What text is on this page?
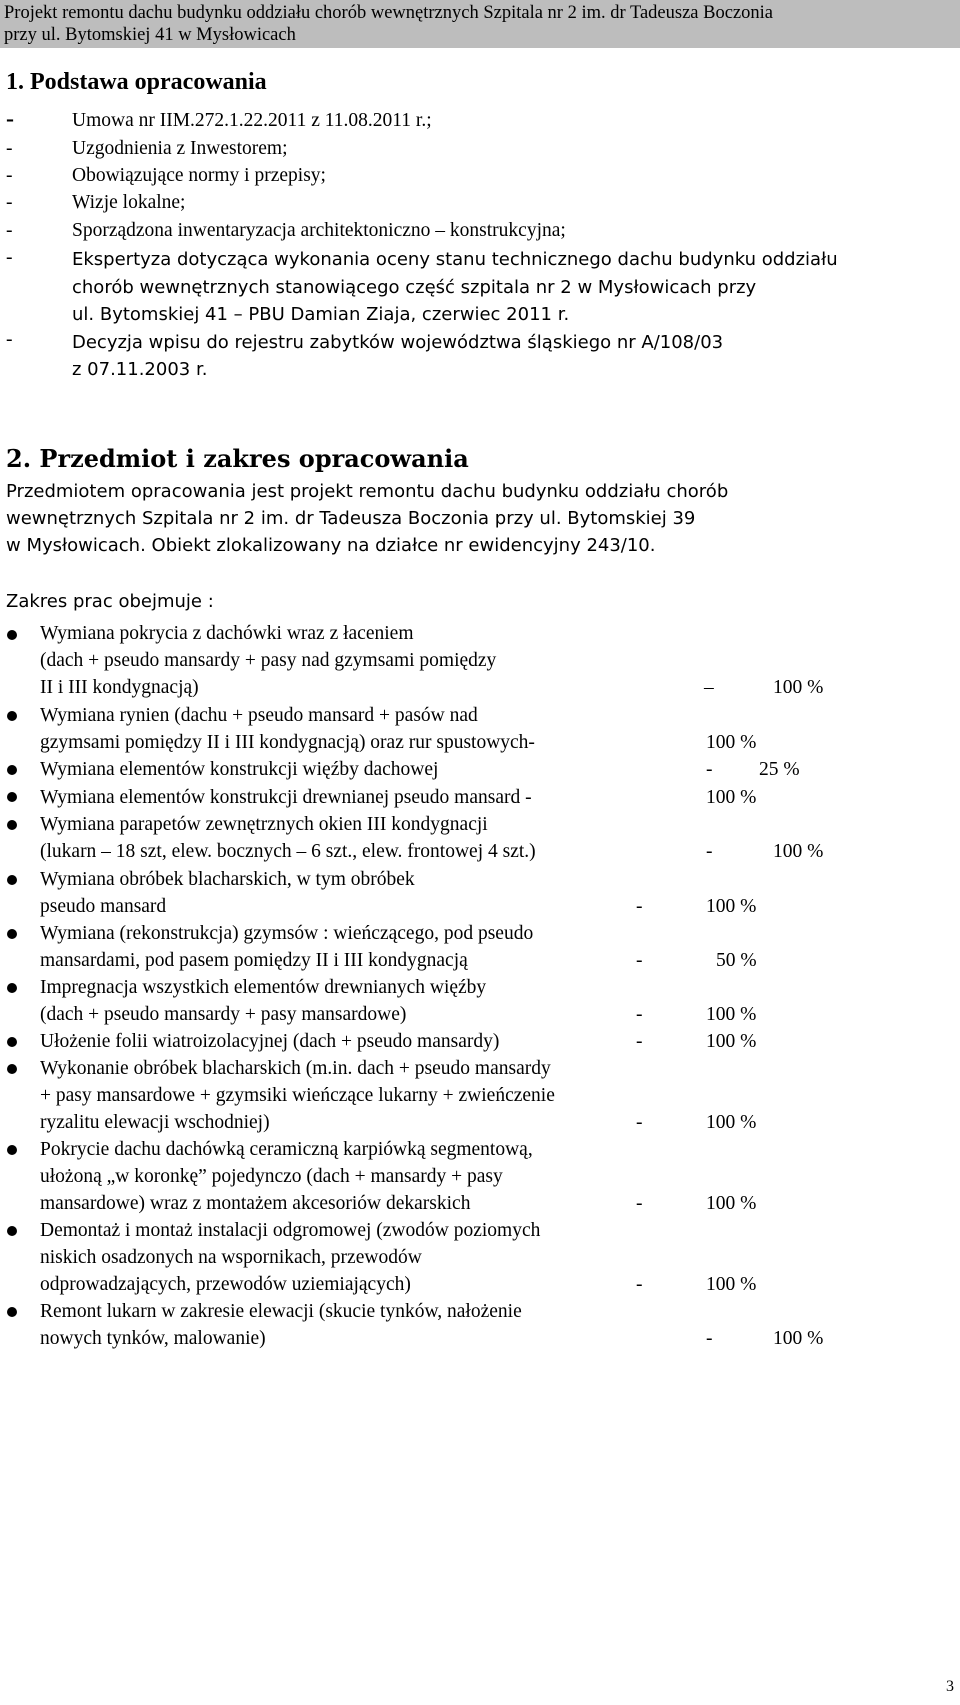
Projekt remontu dachu budynku oddziału chorób wewnętrznych Szpitala nr 2 im. dr Tadeusza Boczonia
przy ul. Bytomskiej 41 w Mysłowicach
1. Podstawa opracowania
-	Umowa nr IIM.272.1.22.2011 z 11.08.2011 r.;
-	Uzgodnienia z Inwestorem;
-	Obowiązujące normy i przepisy;
-	Wizje lokalne;
-	Sporządzona inwentaryzacja architektoniczno – konstrukcyjna;
-	Ekspertyza dotycząca wykonania oceny stanu technicznego dachu budynku oddziału
chorób wewnętrznych stanowiącego część szpitala nr 2 w Mysłowicach przy
ul. Bytomskiej 41 – PBU Damian Ziaja, czerwiec 2011 r.
-	Decyzja wpisu do rejestru zabytków województwa śląskiego nr A/108/03
z 07.11.2003 r.
2. Przedmiot i zakres opracowania
Przedmiotem opracowania jest projekt remontu dachu budynku oddziału chorób
wewnętrznych Szpitala nr 2 im. dr Tadeusza Boczonia przy ul. Bytomskiej 39
w Mysłowicach. Obiekt zlokalizowany na działce nr ewidencyjny 243/10.
Zakres prac obejmuje :
Wymiana pokrycia z dachówki wraz z łaceniem
(dach + pseudo mansardy + pasy nad gzymsami pomiędzy
II i III kondygnacją)	–	100 %
Wymiana rynien (dachu + pseudo mansard + pasów nad
gzymsami pomiędzy II i III kondygnacją) oraz rur spustowych-	100 %
Wymiana elementów konstrukcji więźby dachowej	- 25 %
Wymiana elementów konstrukcji drewnianej pseudo mansard -	100 %
Wymiana parapetów zewnętrznych okien III kondygnacji
(lukarn – 18 szt, elew. bocznych – 6 szt., elew. frontowej 4 szt.)	-	100 %
Wymiana obróbek blacharskich, w tym obróbek
pseudo mansard	-	100 %
Wymiana (rekonstrukcja) gzymsów : wieńczącego, pod pseudo
mansardami, pod pasem pomiędzy II i III kondygnacją	-	50 %
Impregnacja wszystkich elementów drewnianych więźby
(dach + pseudo mansardy + pasy mansardowe)	-	100 %
Ułożenie folii wiatroizolacyjnej (dach + pseudo mansardy)	-	100 %
Wykonanie obróbek blacharskich (m.in. dach + pseudo mansardy
+ pasy mansardowe + gzymsiki wieńczące lukarny + zwieńczenie
ryzalitu elewacji wschodniej)	-	100 %
Pokrycie dachu dachówką ceramiczną karpiówką segmentową,
ułożoną „w koronkę” pojedynczo (dach + mansardy + pasy
mansardowe) wraz z montażem akcesoriów dekarskich	-	100 %
Demontaż i montaż instalacji odgromowej (zwodów poziomych
niskich osadzonych na wspornikach, przewodów
odprowadzających, przewodów uziemiających)	-	100 %
Remont lukarn w zakresie elewacji (skucie tynków, nałożenie
nowych tynków, malowanie)	-	100 %
3
